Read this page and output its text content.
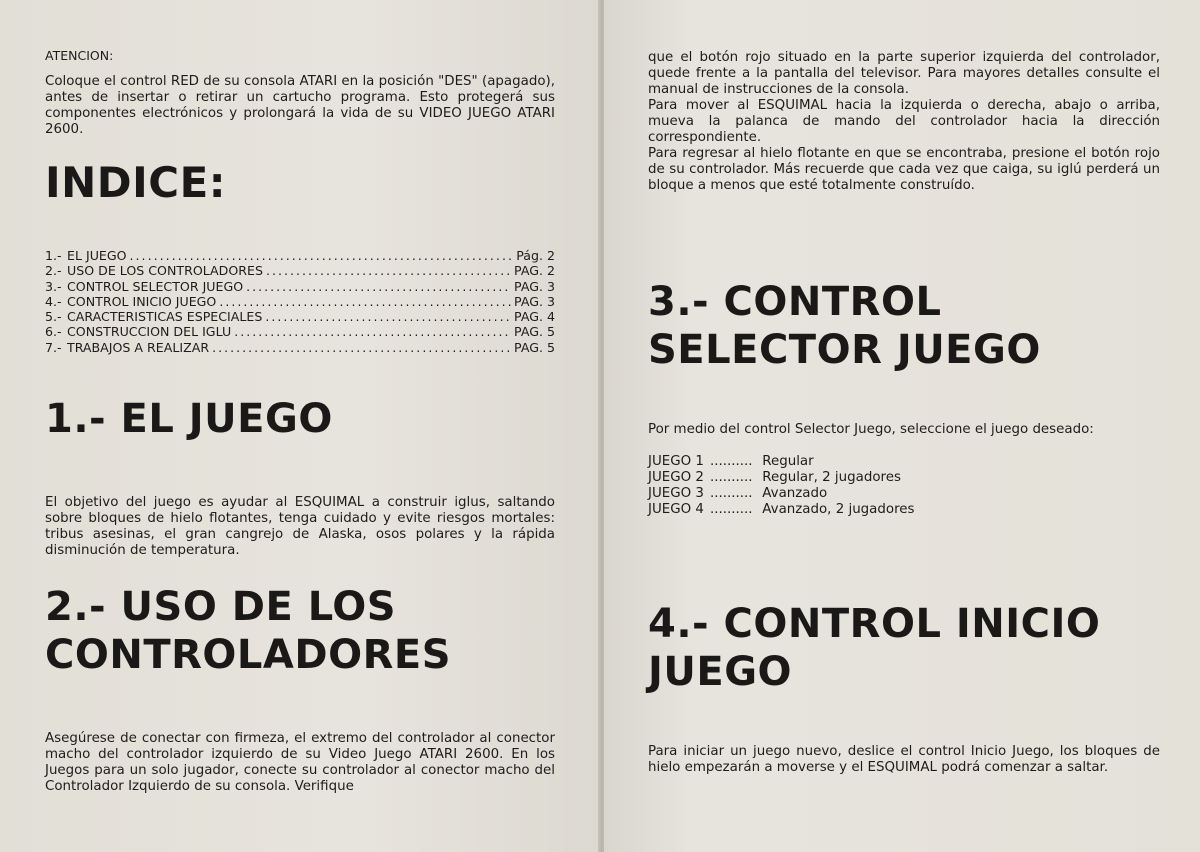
ATENCION:

Coloque el control RED de su consola ATARI en la posición "DES" (apagado), antes de insertar o retirar un cartucho programa. Esto protegerá sus componentes electrónicos y prolongará la vida de su VIDEO JUEGO ATARI 2600.

INDICE:
1.- EL JUEGO . . .	Pág. 2
2.- USO DE LOS CONTROLADORES . . .	PAG. 2
3.- CONTROL SELECTOR JUEGO . . .	PAG. 3
4.- CONTROL INICIO JUEGO . . .	PAG. 3
5.- CARACTERISTICAS ESPECIALES . . .	PAG. 4
6.- CONSTRUCCION DEL IGLU . . .	PAG. 5
7.- TRABAJOS A REALIZAR . . .	PAG. 5
1.- EL JUEGO

El objetivo del juego es ayudar al ESQUIMAL a construir iglus, saltando sobre bloques de hielo flotantes, tenga cuidado y evite riesgos mortales: tribus asesinas, el gran cangrejo de Alaska, osos polares y la rápida disminución de temperatura.

2.- USO DE LOS
CONTROLADORES

Asegúrese de conectar con firmeza, el extremo del controlador al conector macho del controlador izquierdo de su Video Juego ATARI 2600. En los Juegos para un solo jugador, conecte su controlador al conector macho del Controlador Izquierdo de su consola. Verifique

que el botón rojo situado en la parte superior izquierda del controlador, quede frente a la pantalla del televisor. Para mayores detalles consulte el manual de instrucciones de la consola.

Para mover al ESQUIMAL hacia la izquierda o derecha, abajo o arriba, mueva la palanca de mando del controlador hacia la dirección correspondiente.

Para regresar al hielo flotante en que se encontraba, presione el botón rojo de su controlador. Más recuerde que cada vez que caiga, su iglú perderá un bloque a menos que esté totalmente construído.

3.- CONTROL
SELECTOR JUEGO

Por medio del control Selector Juego, seleccione el juego deseado:

JUEGO 1 .....	Regular
JUEGO 2 .....	Regular, 2 jugadores
JUEGO 3 .....	Avanzado
JUEGO 4 .....	Avanzado, 2 jugadores
4.- CONTROL INICIO
JUEGO

Para iniciar un juego nuevo, deslice el control Inicio Juego, los bloques de hielo empezarán a moverse y el ESQUIMAL podrá comenzar a saltar.
